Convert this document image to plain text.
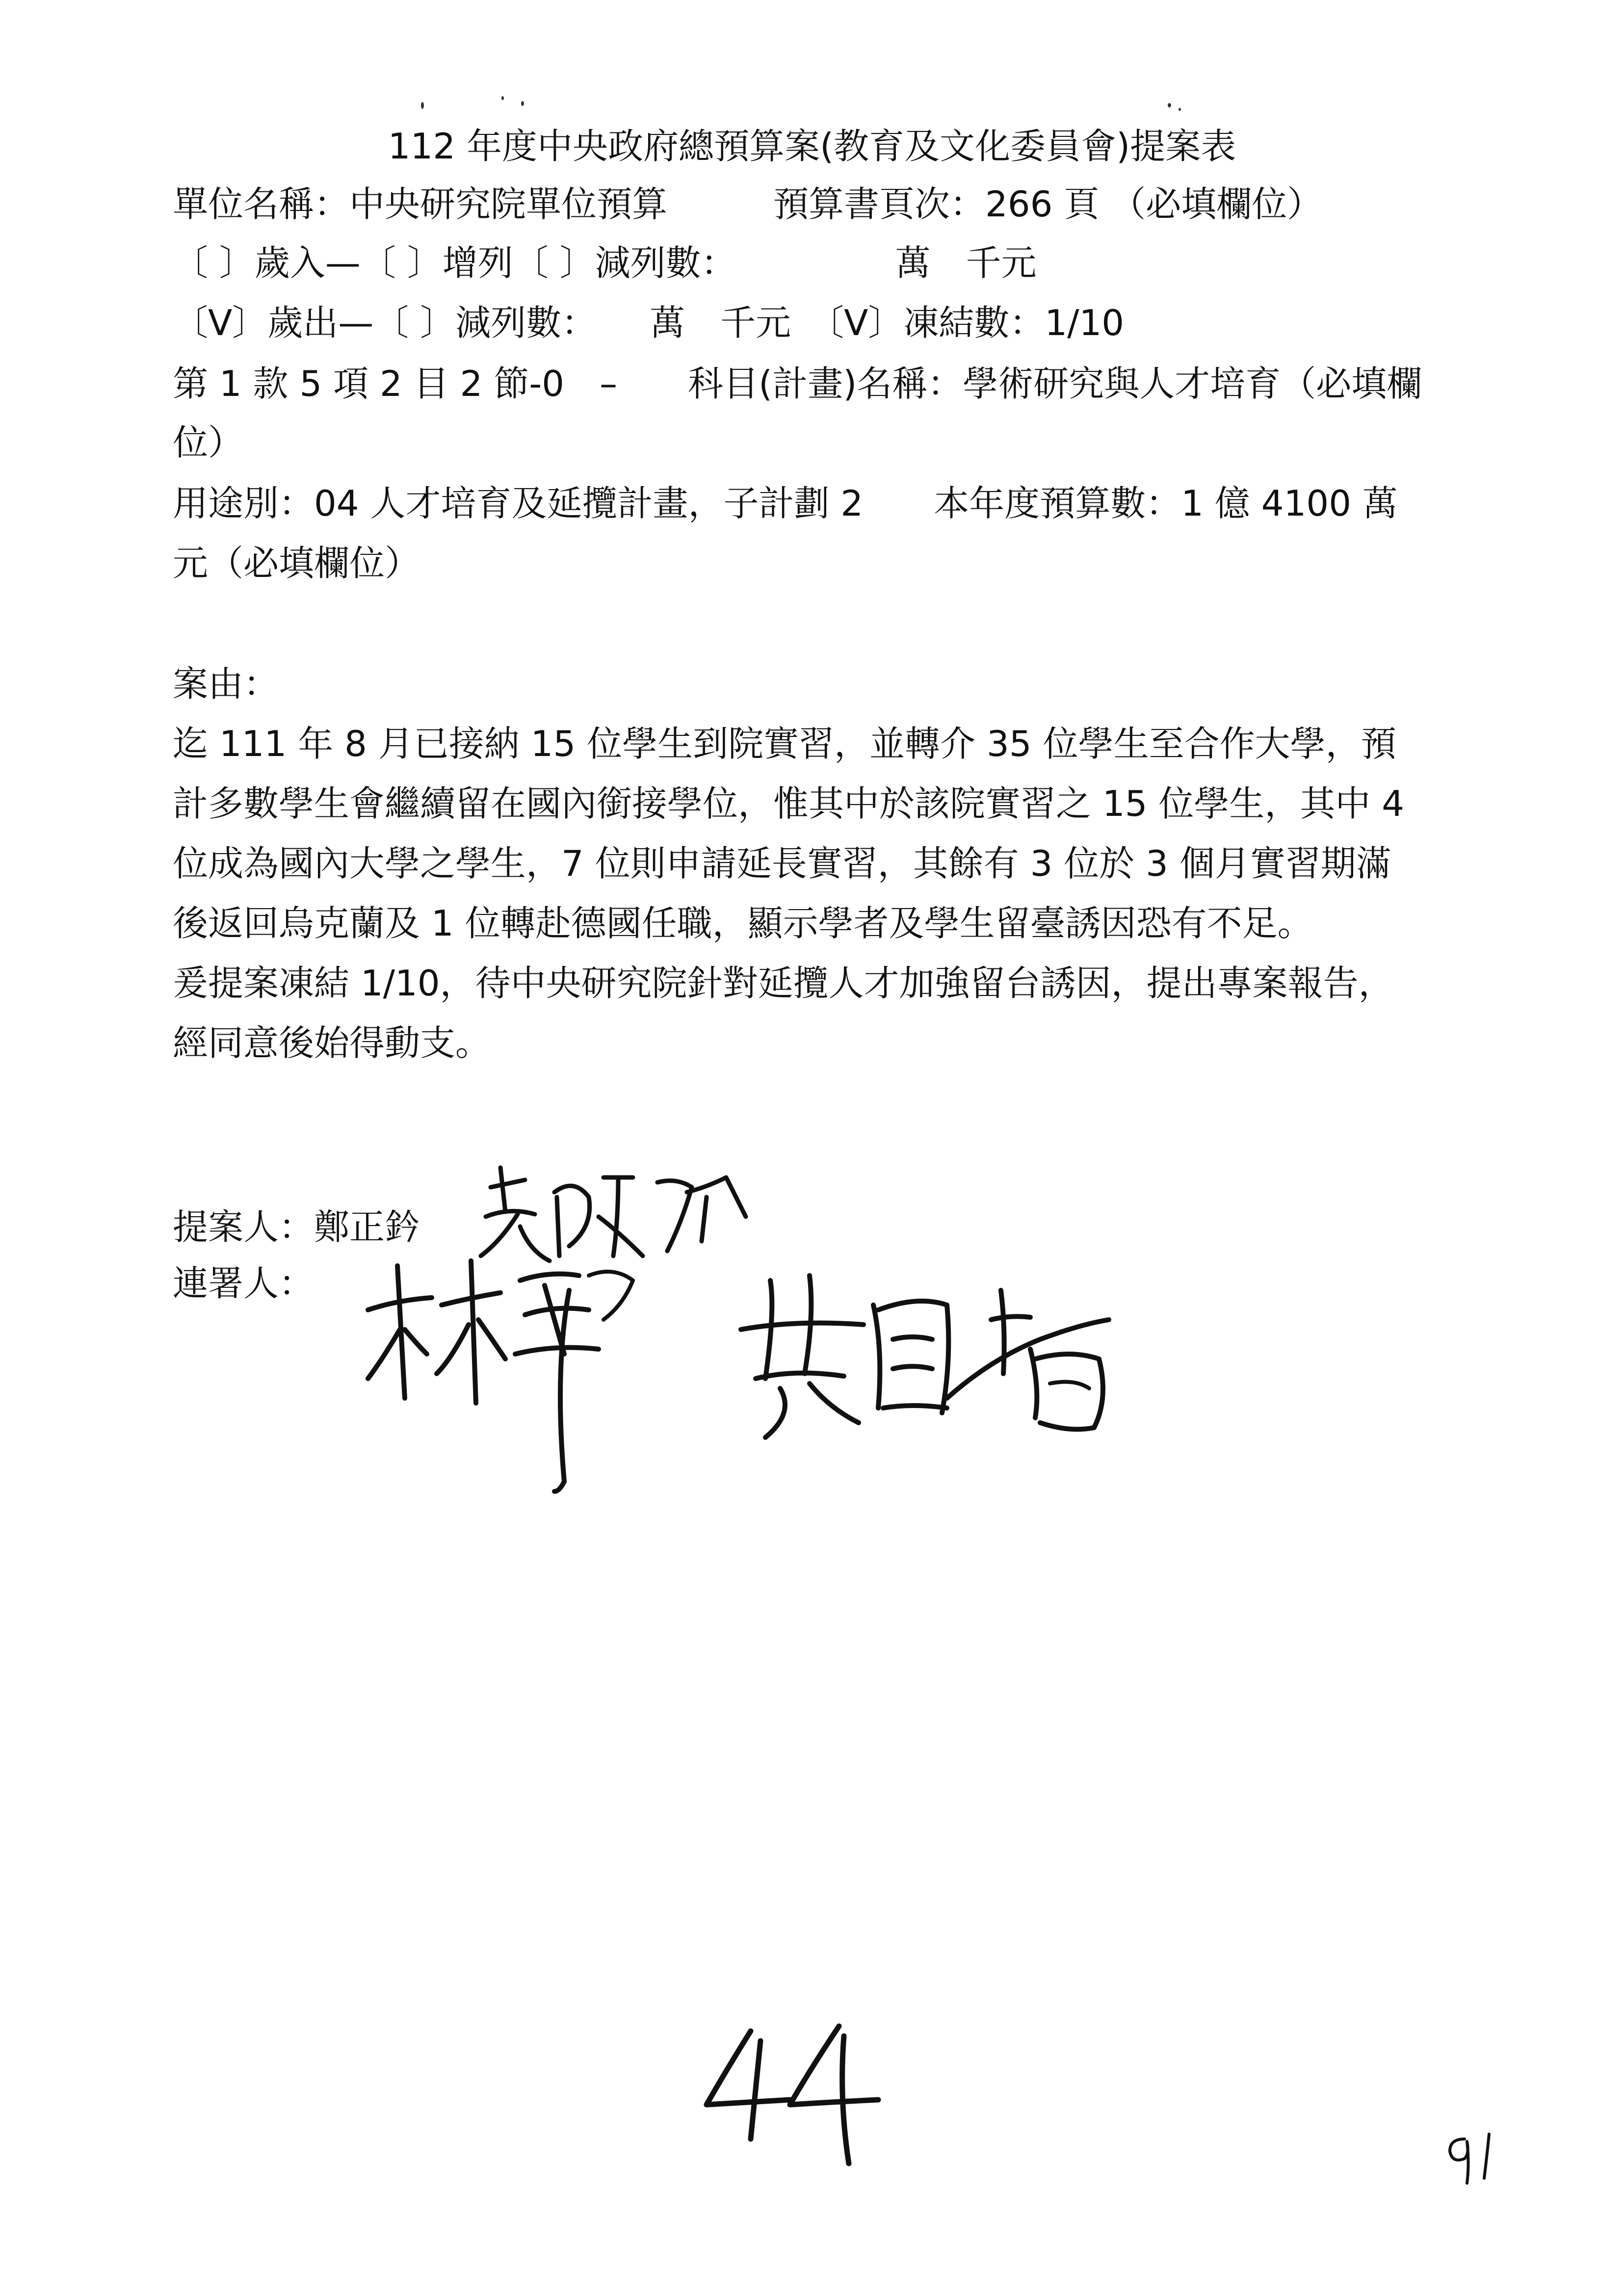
112 年度中央政府總預算案(教育及文化委員會)提案表
單位名稱：中央研究院單位預算　　　預算書頁次：266 頁 （必填欄位）
〔 〕歲入—〔 〕增列〔 〕減列數：　　　　　萬　千元
〔V〕歲出—〔 〕減列數：　　萬　千元　〔V〕凍結數：1/10
第 1 款 5 項 2 目 2 節-0　–　　科目(計畫)名稱：學術研究與人才培育（必填欄
位）
用途別：04 人才培育及延攬計畫，子計劃 2　　本年度預算數：1 億 4100 萬
元（必填欄位）
案由：
迄 111 年 8 月已接納 15 位學生到院實習，並轉介 35 位學生至合作大學，預
計多數學生會繼續留在國內銜接學位，惟其中於該院實習之 15 位學生，其中 4
位成為國內大學之學生，7 位則申請延長實習，其餘有 3 位於 3 個月實習期滿
後返回烏克蘭及 1 位轉赴德國任職，顯示學者及學生留臺誘因恐有不足。
爰提案凍結 1/10，待中央研究院針對延攬人才加強留台誘因，提出專案報告，
經同意後始得動支。
提案人：鄭正鈐
連署人：
